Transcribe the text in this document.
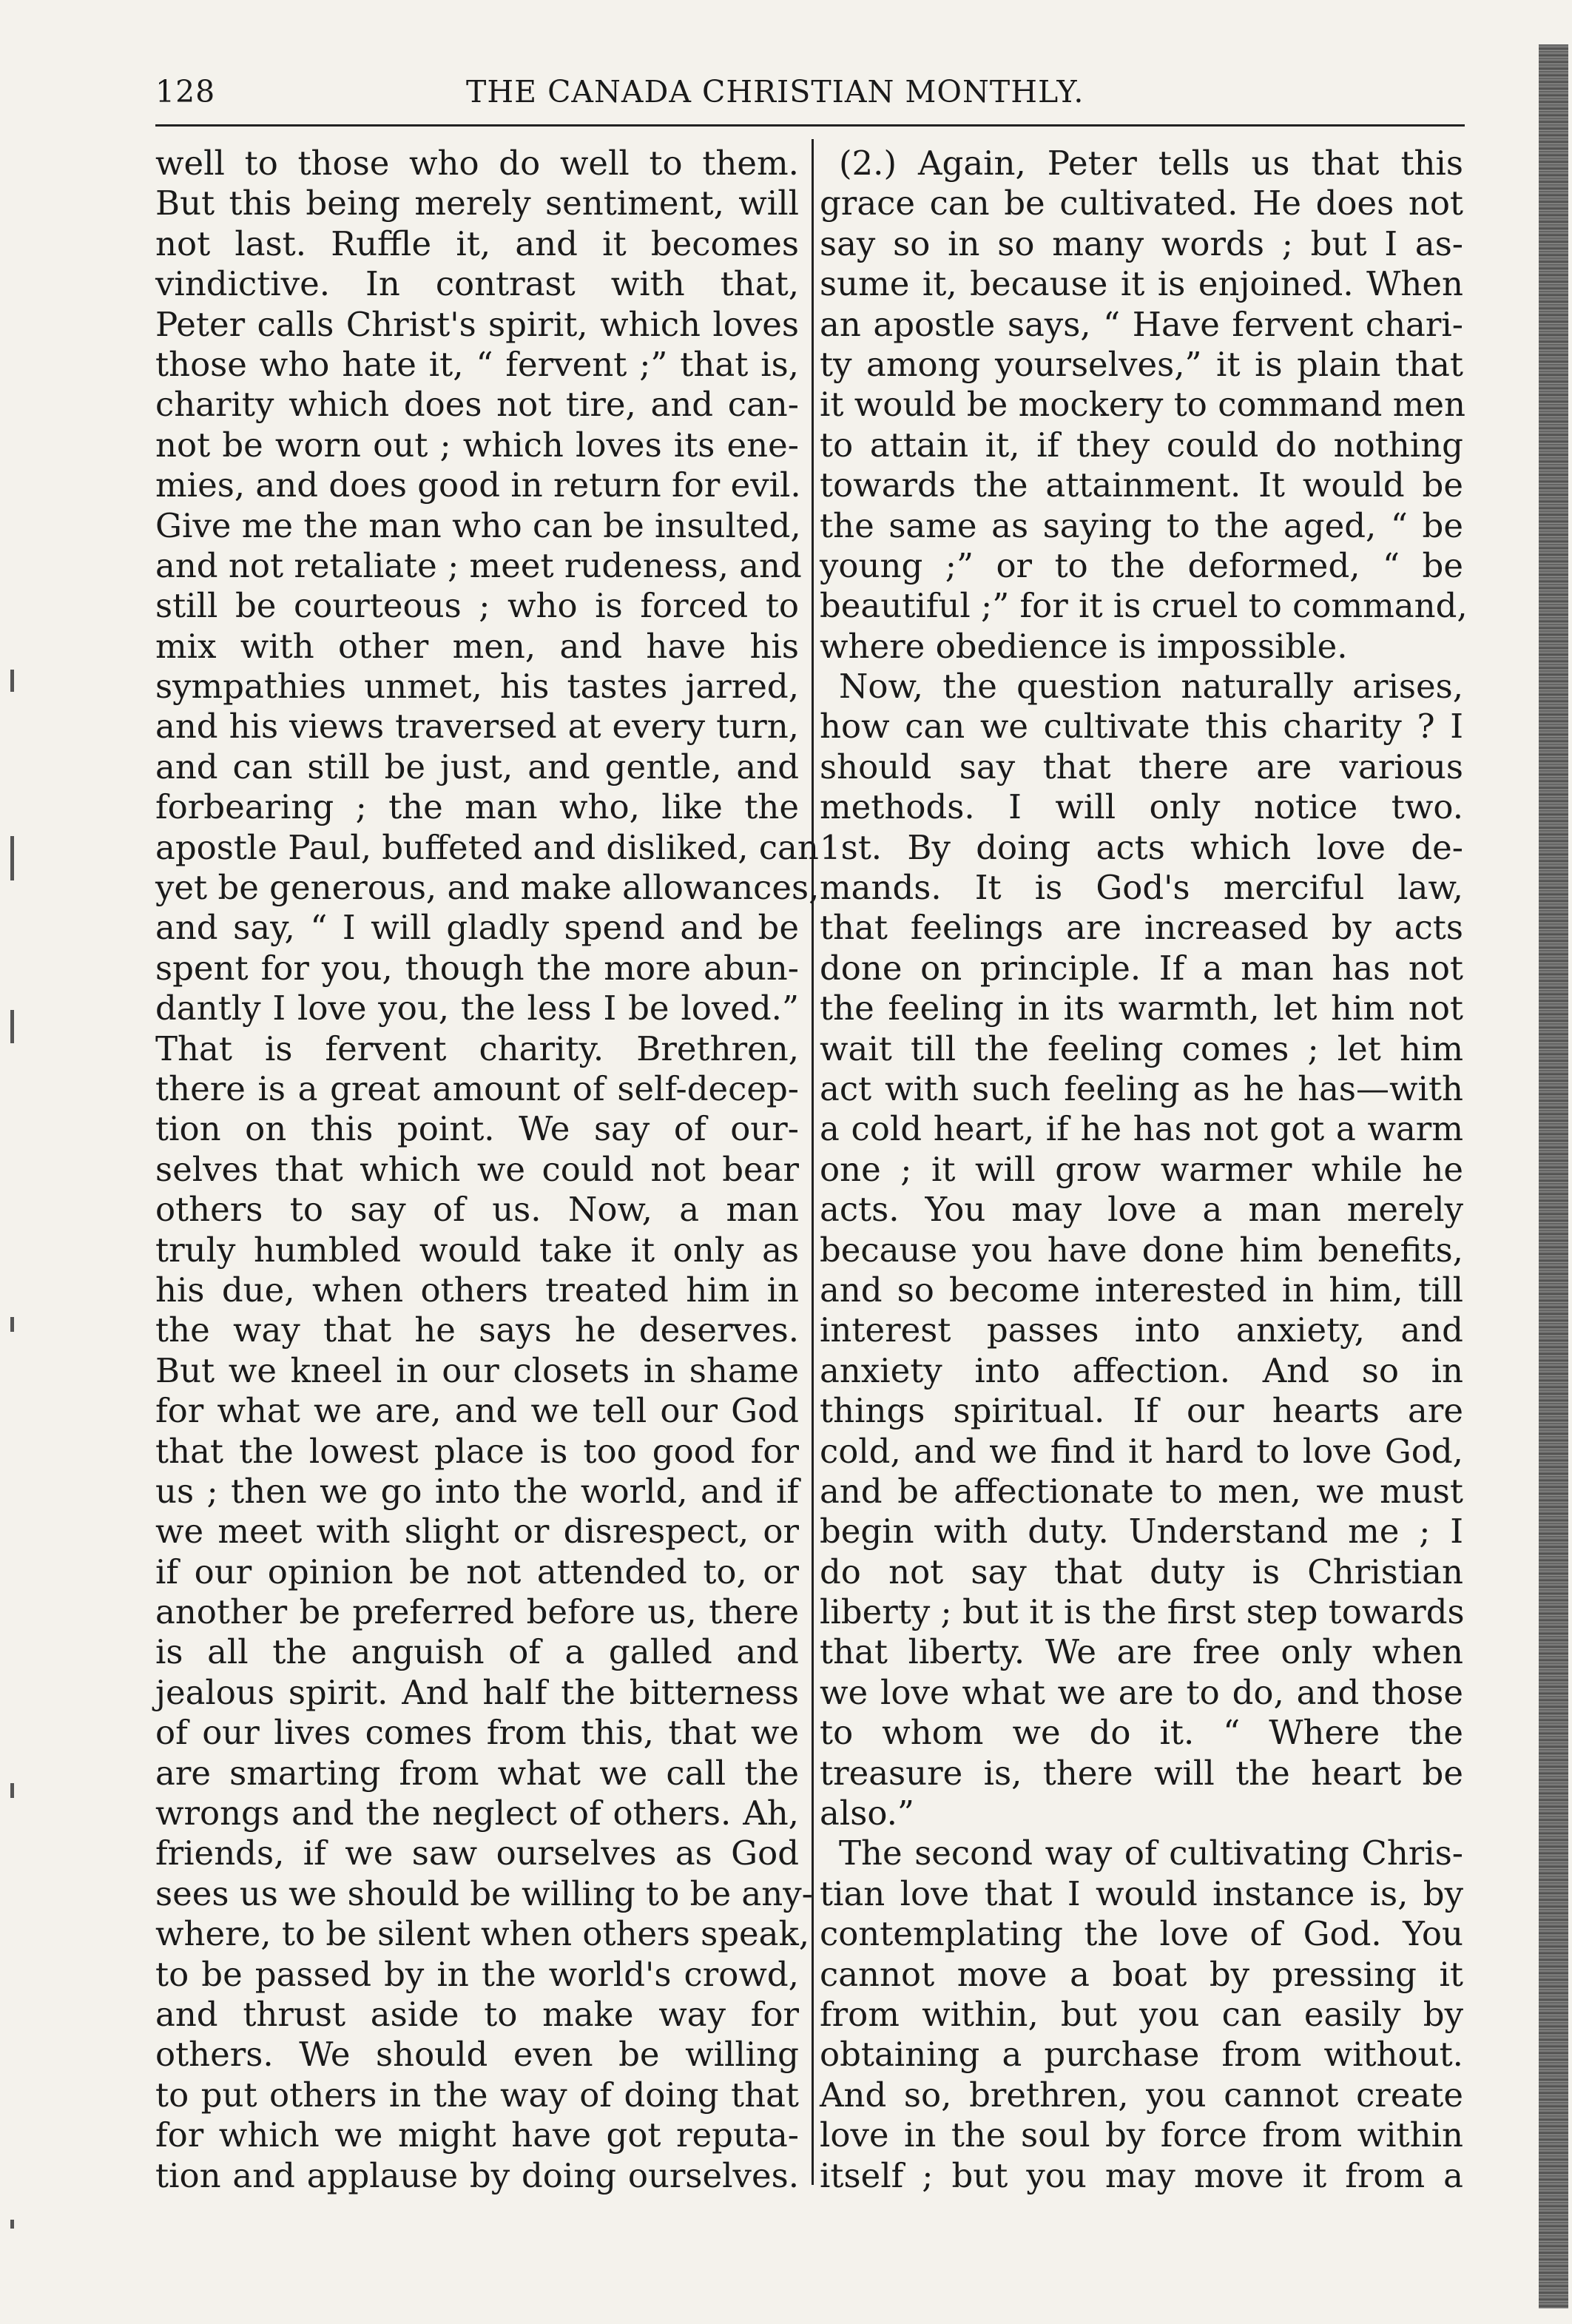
128	THE CANADA CHRISTIAN MONTHLY.
well to those who do well to them.
But this being merely sentiment, will
not last. Ruffle it, and it becomes
vindictive. In contrast with that,
Peter calls Christ's spirit, which loves
those who hate it, “ fervent ;” that is,
charity which does not tire, and can-
not be worn out ; which loves its ene-
mies, and does good in return for evil.
Give me the man who can be insulted,
and not retaliate ; meet rudeness, and
still be courteous ; who is forced to
mix with other men, and have his
sympathies unmet, his tastes jarred,
and his views traversed at every turn,
and can still be just, and gentle, and
forbearing ; the man who, like the
apostle Paul, buffeted and disliked, can
yet be generous, and make allowances,
and say, “ I will gladly spend and be
spent for you, though the more abun-
dantly I love you, the less I be loved.”
That is fervent charity. Brethren,
there is a great amount of self-decep-
tion on this point. We say of our-
selves that which we could not bear
others to say of us. Now, a man
truly humbled would take it only as
his due, when others treated him in
the way that he says he deserves.
But we kneel in our closets in shame
for what we are, and we tell our God
that the lowest place is too good for
us ; then we go into the world, and if
we meet with slight or disrespect, or
if our opinion be not attended to, or
another be preferred before us, there
is all the anguish of a galled and
jealous spirit. And half the bitterness
of our lives comes from this, that we
are smarting from what we call the
wrongs and the neglect of others. Ah,
friends, if we saw ourselves as God
sees us we should be willing to be any-
where, to be silent when others speak,
to be passed by in the world's crowd,
and thrust aside to make way for
others. We should even be willing
to put others in the way of doing that
for which we might have got reputa-
tion and applause by doing ourselves.
(2.) Again, Peter tells us that this
grace can be cultivated. He does not
say so in so many words ; but I as-
sume it, because it is enjoined. When
an apostle says, “ Have fervent chari-
ty among yourselves,” it is plain that
it would be mockery to command men
to attain it, if they could do nothing
towards the attainment. It would be
the same as saying to the aged, “ be
young ;” or to the deformed, “ be
beautiful ;” for it is cruel to command,
where obedience is impossible.
Now, the question naturally arises,
how can we cultivate this charity ? I
should say that there are various
methods. I will only notice two.
1st. By doing acts which love de-
mands. It is God's merciful law,
that feelings are increased by acts
done on principle. If a man has not
the feeling in its warmth, let him not
wait till the feeling comes ; let him
act with such feeling as he has—with
a cold heart, if he has not got a warm
one ; it will grow warmer while he
acts. You may love a man merely
because you have done him benefits,
and so become interested in him, till
interest passes into anxiety, and
anxiety into affection. And so in
things spiritual. If our hearts are
cold, and we find it hard to love God,
and be affectionate to men, we must
begin with duty. Understand me ; I
do not say that duty is Christian
liberty ; but it is the first step towards
that liberty. We are free only when
we love what we are to do, and those
to whom we do it. “ Where the
treasure is, there will the heart be
also.”
The second way of cultivating Chris-
tian love that I would instance is, by
contemplating the love of God. You
cannot move a boat by pressing it
from within, but you can easily by
obtaining a purchase from without.
And so, brethren, you cannot create
love in the soul by force from within
itself ; but you may move it from a
